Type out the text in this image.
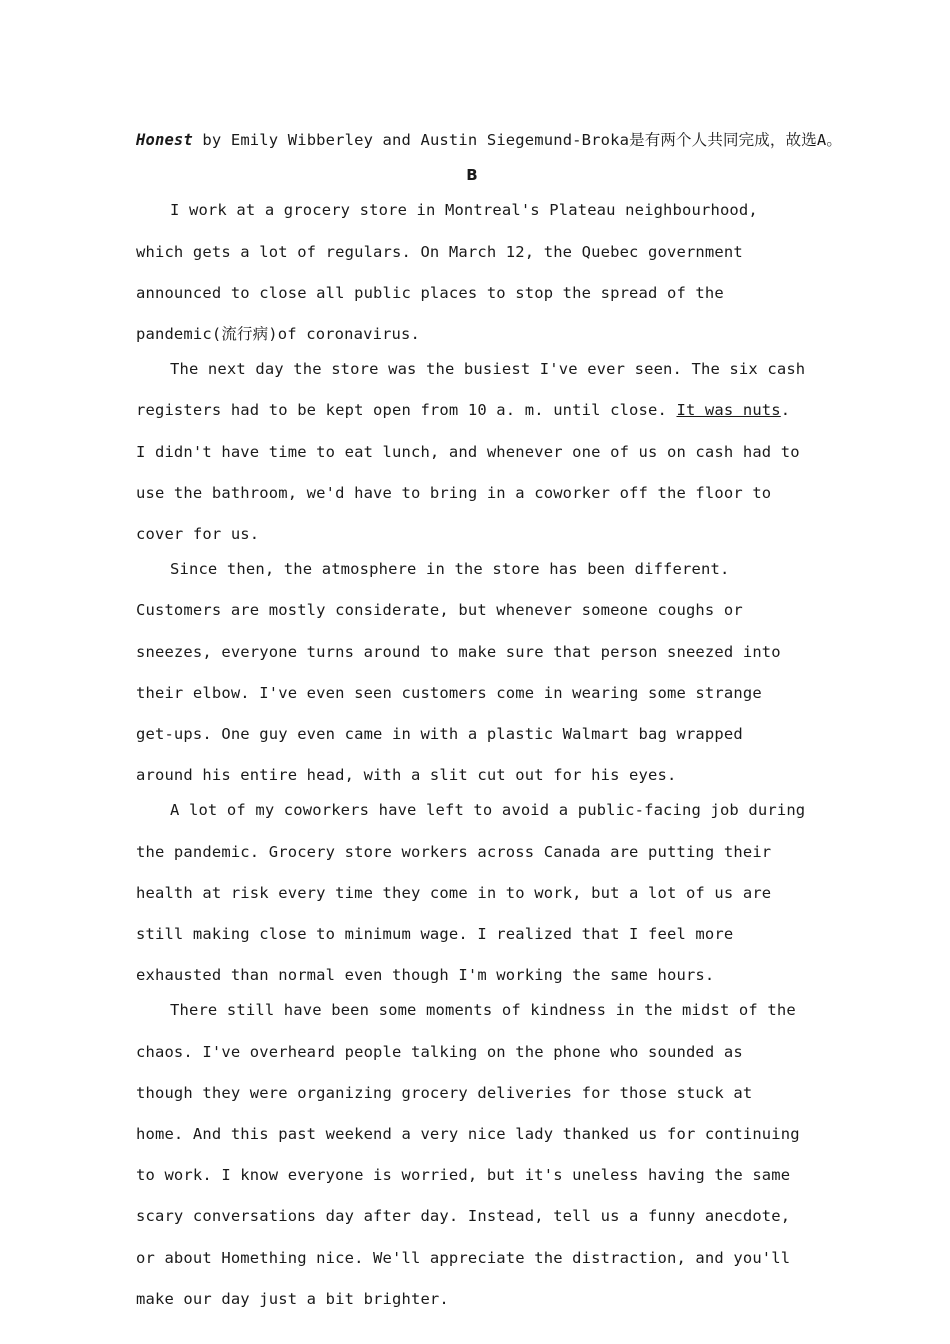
Honest by Emily Wibberley and Austin Siegemund-Broka是有两个人共同完成，故选A。
B

I work at a grocery store in Montreal's Plateau neighbourhood, which gets a lot of regulars. On March 12, the Quebec government announced to close all public places to stop the spread of the pandemic(流行病)of coronavirus.

The next day the store was the busiest I've ever seen. The six cash registers had to be kept open from 10 a. m. until close. It was nuts. I didn't have time to eat lunch, and whenever one of us on cash had to use the bathroom, we'd have to bring in a coworker off the floor to cover for us.

Since then, the atmosphere in the store has been different. Customers are mostly considerate, but whenever someone coughs or sneezes, everyone turns around to make sure that person sneezed into their elbow. I've even seen customers come in wearing some strange get-ups. One guy even came in with a plastic Walmart bag wrapped around his entire head, with a slit cut out for his eyes.

A lot of my coworkers have left to avoid a public-facing job during the pandemic. Grocery store workers across Canada are putting their health at risk every time they come in to work, but a lot of us are still making close to minimum wage. I realized that I feel more exhausted than normal even though I'm working the same hours.

There still have been some moments of kindness in the midst of the chaos. I've overheard people talking on the phone who sounded as though they were organizing grocery deliveries for those stuck at home. And this past weekend a very nice lady thanked us for continuing to work. I know everyone is worried, but it's uneless having the same scary conversations day after day. Instead, tell us a funny anecdote, or about Homething nice. We'll appreciate the distraction, and you'll make our day just a bit brighter.
